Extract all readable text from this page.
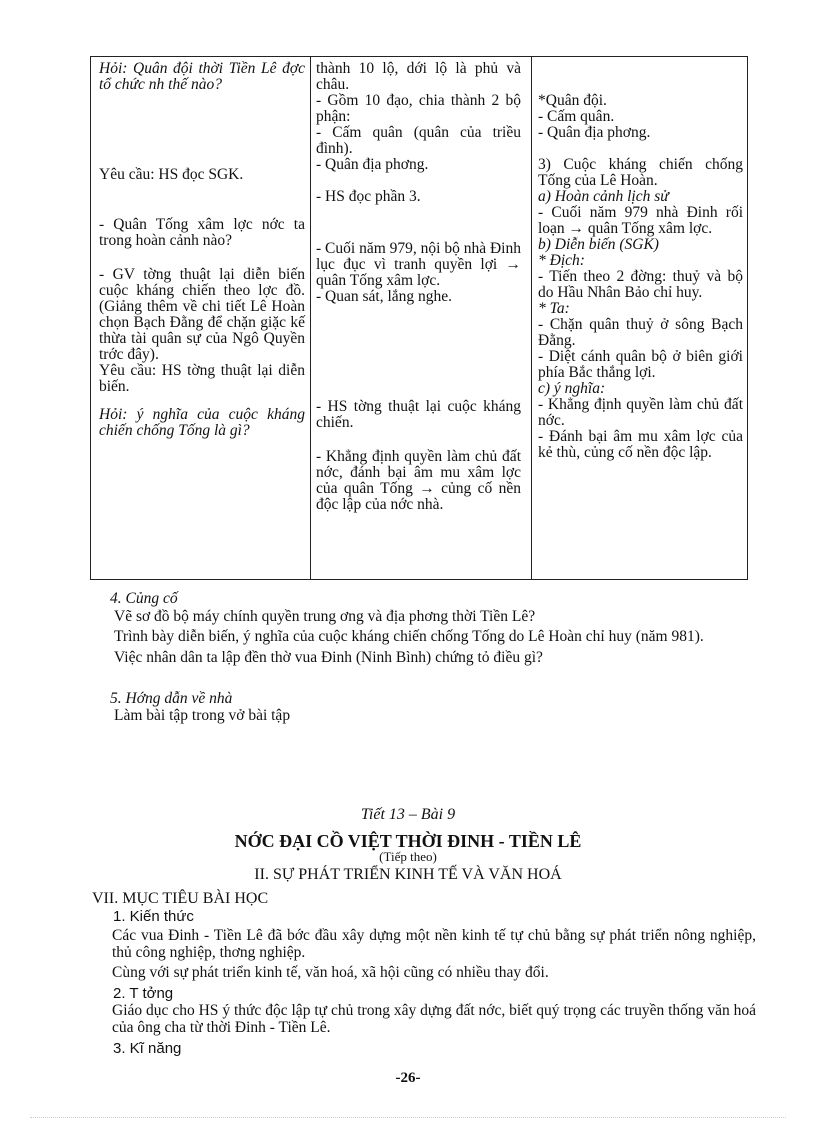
Hỏi: Quân đội thời Tiền Lê đợc tổ chức nh thế nào?

Yêu cầu: HS đọc SGK.

- Quân Tống xâm lợc nớc ta trong hoàn cảnh nào?

- GV tờng thuật lại diễn biến cuộc kháng chiến theo lợc đồ. (Giảng thêm về chi tiết Lê Hoàn chọn Bạch Đằng để chặn giặc kế thừa tài quân sự của Ngô Quyền trớc đây).

Yêu cầu: HS tờng thuật lại diễn biến.

Hỏi: ý nghĩa của cuộc kháng chiến chống Tống là gì?

thành 10 lộ, dới lộ là phủ và châu.

- Gồm 10 đạo, chia thành 2 bộ phận:

- Cấm quân (quân của triều đình).

- Quân địa phơng.

- HS đọc phần 3.

- Cuối năm 979, nội bộ nhà Đinh lục đục vì tranh quyền lợi → quân Tống xâm lợc.

- Quan sát, lắng nghe.

- HS tờng thuật lại cuộc kháng chiến.

- Khẳng định quyền làm chủ đất nớc, đánh bại âm mu xâm lợc của quân Tống → củng cố nền độc lập của nớc nhà.

*Quân đội.

- Cấm quân.

- Quân địa phơng.

3) Cuộc kháng chiến chống Tống của Lê Hoàn.

a) Hoàn cảnh lịch sử

- Cuối năm 979 nhà Đinh rối loạn → quân Tống xâm lợc.

b) Diễn biến (SGK)

* Địch:

- Tiến theo 2 đờng: thuỷ và bộ do Hầu Nhân Bảo chỉ huy.

* Ta:

- Chặn quân thuỷ ở sông Bạch Đằng.

- Diệt cánh quân bộ ở biên giới phía Bắc thắng lợi.

c) ý nghĩa:

- Khẳng định quyền làm chủ đất nớc.

- Đánh bại âm mu xâm lợc của kẻ thù, củng cố nền độc lập.

4. Củng cố

Vẽ sơ đồ bộ máy chính quyền trung ơng và địa phơng thời Tiền Lê?

Trình bày diễn biến, ý nghĩa của cuộc kháng chiến chống Tống do Lê Hoàn chỉ huy (năm 981).

Việc nhân dân ta lập đền thờ vua Đinh (Ninh Bình) chứng tỏ điều gì?

5. Hớng dẫn về nhà

Làm bài tập trong vở bài tập

Tiết 13 – Bài 9

NỚC ĐẠI CỒ VIỆT THỜI ĐINH - TIỀN LÊ

(Tiếp theo)

II. SỰ PHÁT TRIỂN KINH TẾ VÀ VĂN HOÁ

VII. MỤC TIÊU BÀI HỌC

1. Kiến thức

Các vua Đinh - Tiền Lê đã bớc đầu xây dựng một nền kinh tế tự chủ bằng sự phát triển nông nghiệp, thủ công nghiệp, thơng nghiệp.

Cùng với sự phát triển kinh tế, văn hoá, xã hội cũng có nhiều thay đổi.

2. T tởng

Giáo dục cho HS ý thức độc lập tự chủ trong xây dựng đất nớc, biết quý trọng các truyền thống văn hoá của ông cha từ thời Đinh - Tiền Lê.

3. Kĩ năng

-26-
